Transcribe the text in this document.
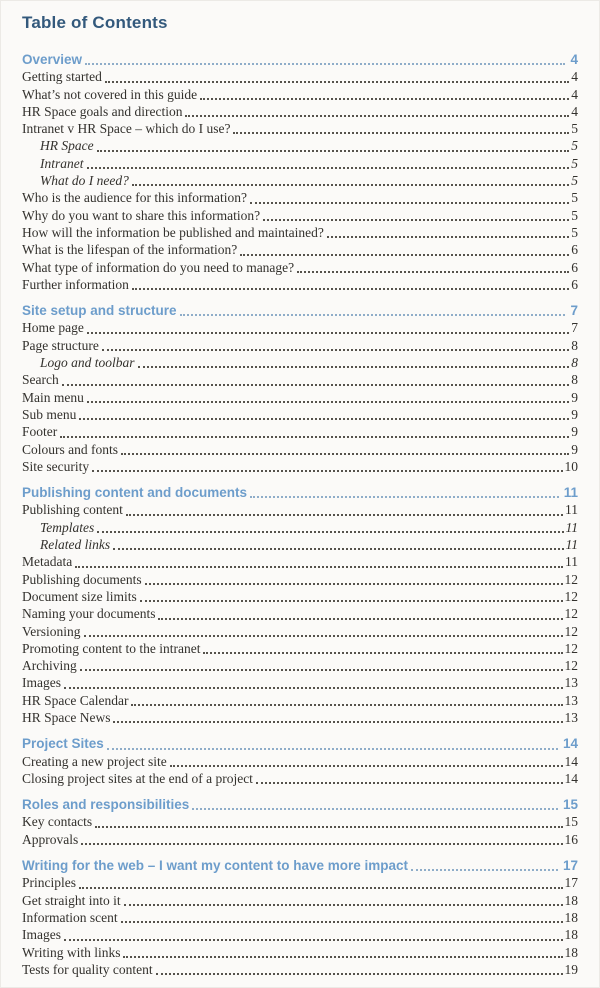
Table of Contents
Overview	4
Getting started	4
What’s not covered in this guide	4
HR Space goals and direction	4
Intranet v HR Space – which do I use?	5
HR Space	5
Intranet	5
What do I need?	5
Who is the audience for this information?	5
Why do you want to share this information?	5
How will the information be published and maintained?	5
What is the lifespan of the information?	6
What type of information do you need to manage?	6
Further information	6
Site setup and structure	7
Home page	7
Page structure	8
Logo and toolbar	8
Search	8
Main menu	9
Sub menu	9
Footer	9
Colours and fonts	9
Site security	10
Publishing content and documents	11
Publishing content	11
Templates	11
Related links	11
Metadata	11
Publishing documents	12
Document size limits	12
Naming your documents	12
Versioning	12
Promoting content to the intranet	12
Archiving	12
Images	13
HR Space Calendar	13
HR Space News	13
Project Sites	14
Creating a new project site	14
Closing project sites at the end of a project	14
Roles and responsibilities	15
Key contacts	15
Approvals	16
Writing for the web – I want my content to have more impact	17
Principles	17
Get straight into it	18
Information scent	18
Images	18
Writing with links	18
Tests for quality content	19
